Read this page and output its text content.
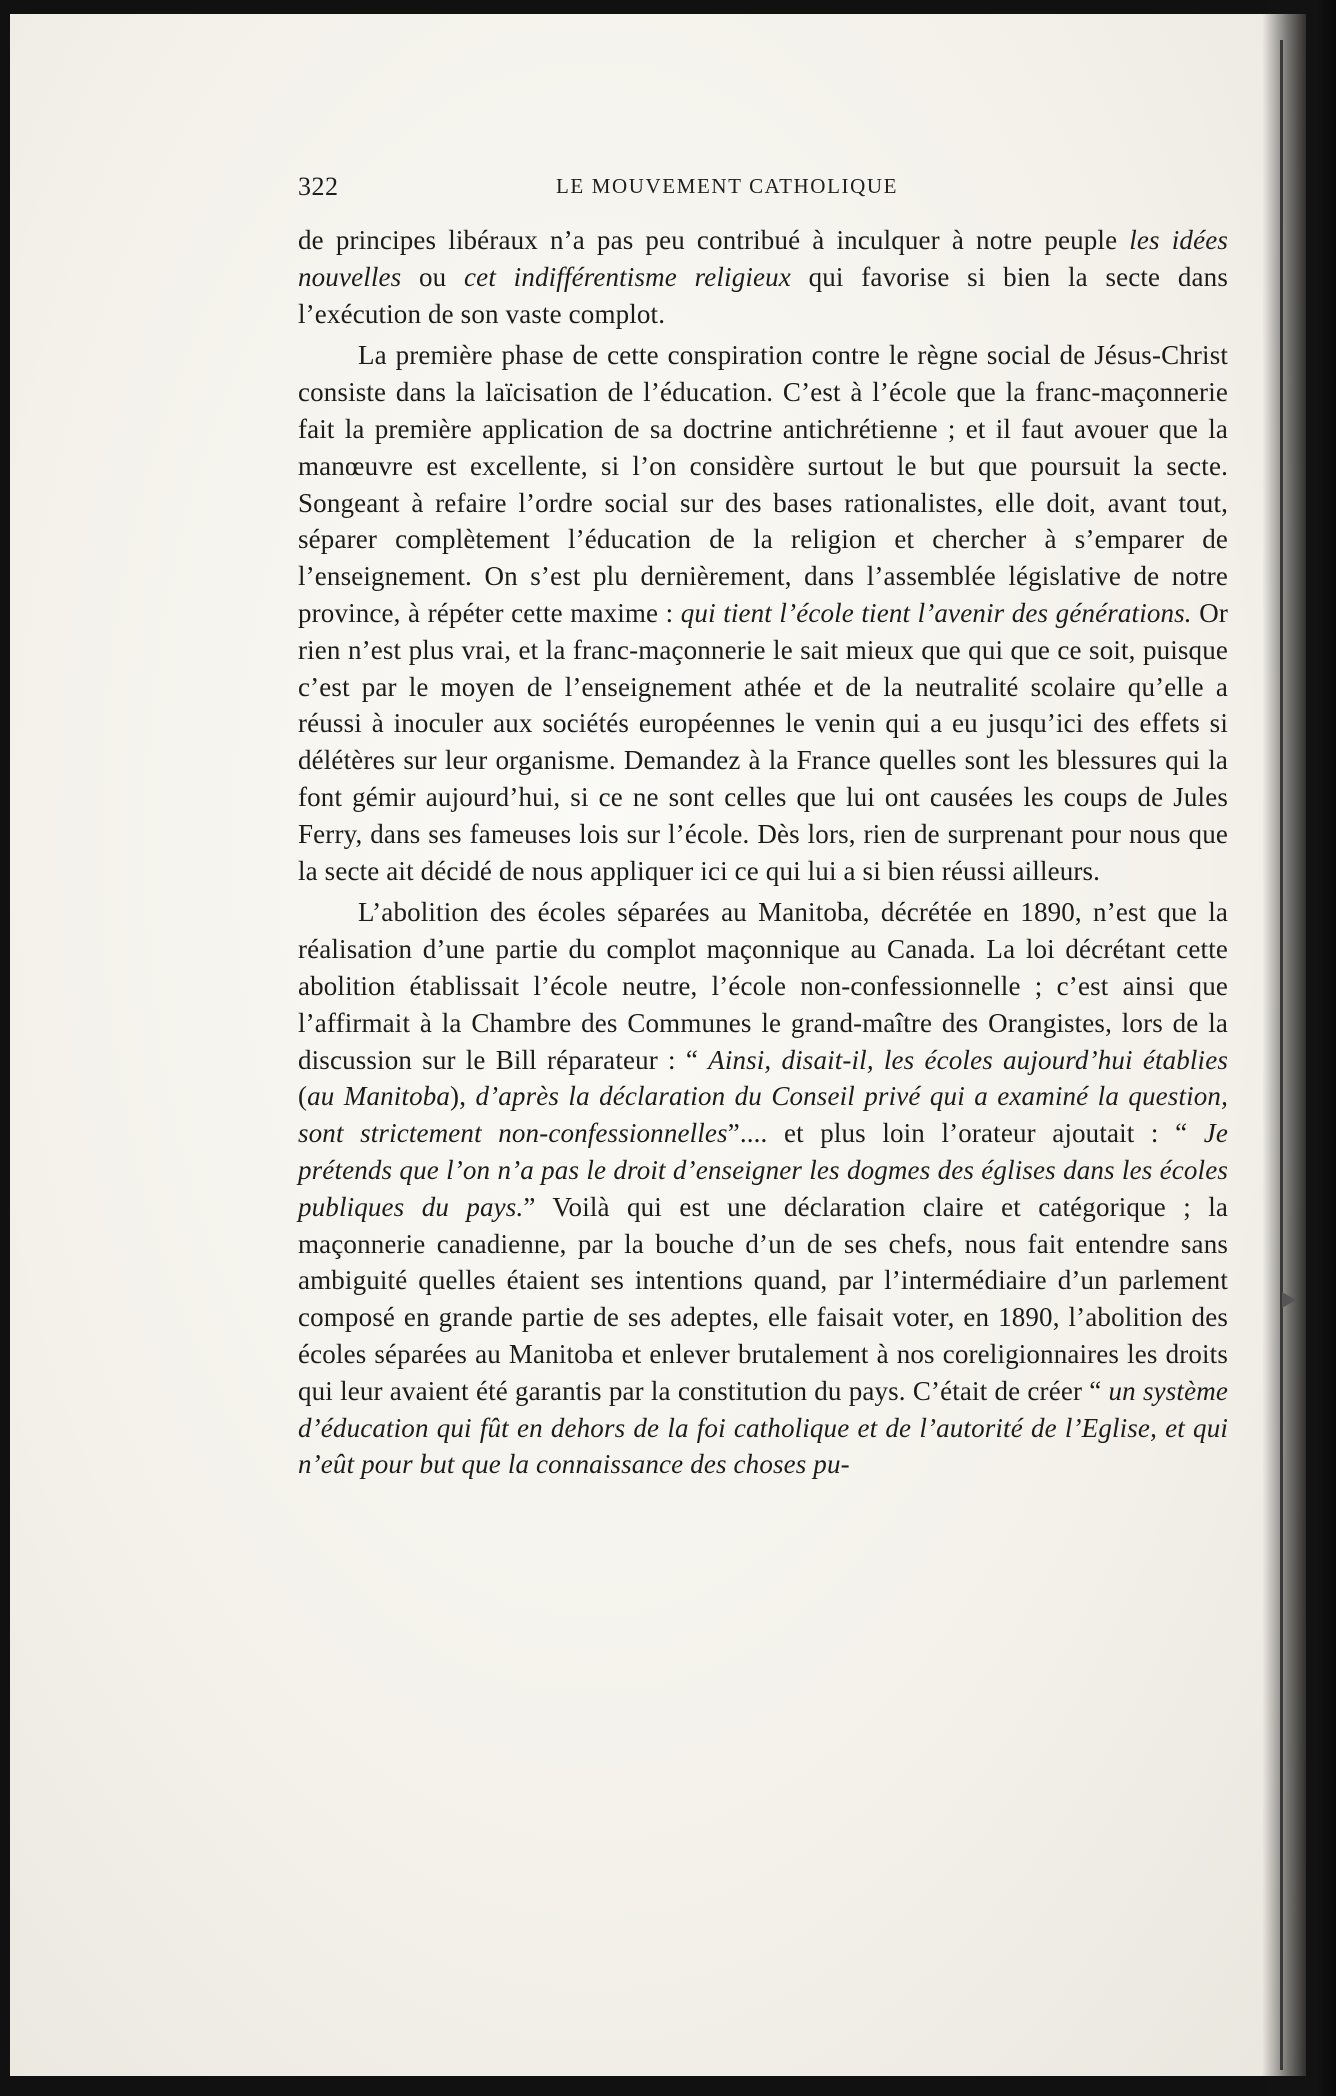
322	LE MOUVEMENT CATHOLIQUE

de principes libéraux n’a pas peu contribué à inculquer à notre peuple les idées nouvelles ou cet indifférentisme religieux qui favorise si bien la secte dans l’exécution de son vaste complot.

La première phase de cette conspiration contre le règne social de Jésus-Christ consiste dans la laïcisation de l’éducation. C’est à l’école que la franc-maçonnerie fait la première application de sa doctrine antichrétienne ; et il faut avouer que la manœuvre est excellente, si l’on considère surtout le but que poursuit la secte. Songeant à refaire l’ordre social sur des bases rationalistes, elle doit, avant tout, séparer complètement l’éducation de la religion et chercher à s’emparer de l’enseignement. On s’est plu dernièrement, dans l’assemblée législative de notre province, à répéter cette maxime : qui tient l’école tient l’avenir des générations. Or rien n’est plus vrai, et la franc-maçonnerie le sait mieux que qui que ce soit, puisque c’est par le moyen de l’enseignement athée et de la neutralité scolaire qu’elle a réussi à inoculer aux sociétés européennes le venin qui a eu jusqu’ici des effets si délétères sur leur organisme. Demandez à la France quelles sont les blessures qui la font gémir aujourd’hui, si ce ne sont celles que lui ont causées les coups de Jules Ferry, dans ses fameuses lois sur l’école. Dès lors, rien de surprenant pour nous que la secte ait décidé de nous appliquer ici ce qui lui a si bien réussi ailleurs.

L’abolition des écoles séparées au Manitoba, décrétée en 1890, n’est que la réalisation d’une partie du complot maçonnique au Canada. La loi décrétant cette abolition établissait l’école neutre, l’école non-confessionnelle ; c’est ainsi que l’affirmait à la Chambre des Communes le grand-maître des Orangistes, lors de la discussion sur le Bill réparateur : “ Ainsi, disait-il, les écoles aujourd’hui établies (au Manitoba), d’après la déclaration du Conseil privé qui a examiné la question, sont strictement non-confessionnelles”.... et plus loin l’orateur ajoutait : “ Je prétends que l’on n’a pas le droit d’enseigner les dogmes des églises dans les écoles publiques du pays.” Voilà qui est une déclaration claire et catégorique ; la maçonnerie canadienne, par la bouche d’un de ses chefs, nous fait entendre sans ambiguité quelles étaient ses intentions quand, par l’intermédiaire d’un parlement composé en grande partie de ses adeptes, elle faisait voter, en 1890, l’abolition des écoles séparées au Manitoba et enlever brutalement à nos coreligionnaires les droits qui leur avaient été garantis par la constitution du pays. C’était de créer “ un système d’éducation qui fût en dehors de la foi catholique et de l’autorité de l’Eglise, et qui n’eût pour but que la connaissance des choses pu-
